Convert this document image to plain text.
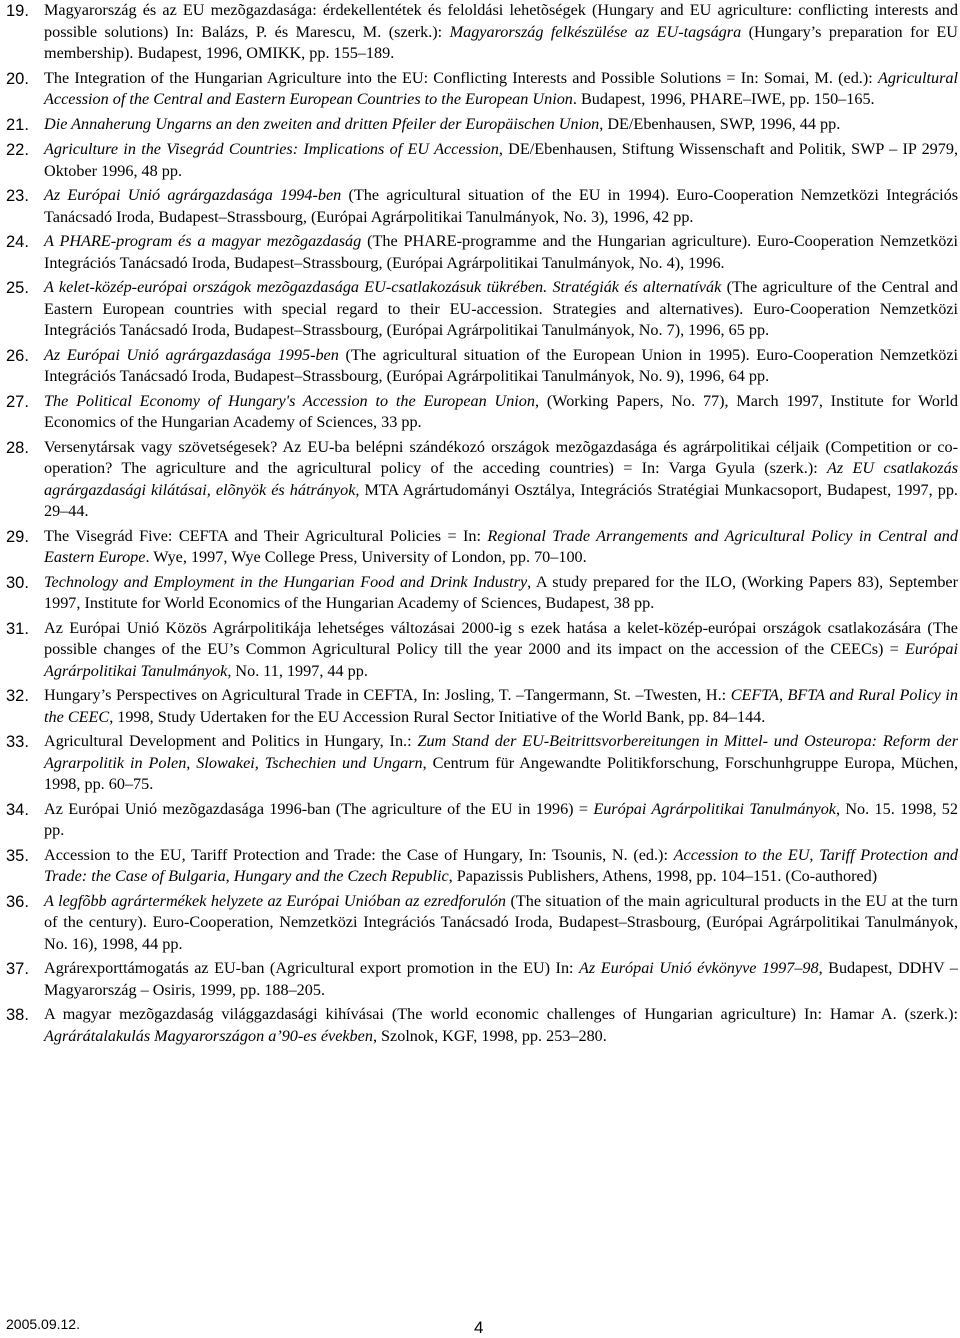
19. Magyarország és az EU mezõgazdasága: érdekellentétek és feloldási lehetõségek (Hungary and EU agriculture: conflicting interests and possible solutions) In: Balázs, P. és Marescu, M. (szerk.): Magyarország felkészülése az EU-tagságra (Hungary’s preparation for EU membership). Budapest, 1996, OMIKK, pp. 155–189.
20. The Integration of the Hungarian Agriculture into the EU: Conflicting Interests and Possible Solutions = In: Somai, M. (ed.): Agricultural Accession of the Central and Eastern European Countries to the European Union. Budapest, 1996, PHARE–IWE, pp. 150–165.
21. Die Annaherung Ungarns an den zweiten and dritten Pfeiler der Europäischen Union, DE/Ebenhausen, SWP, 1996, 44 pp.
22. Agriculture in the Visegrád Countries: Implications of EU Accession, DE/Ebenhausen, Stiftung Wissenschaft and Politik, SWP – IP 2979, Oktober 1996, 48 pp.
23. Az Európai Unió agrárgazdasága 1994-ben (The agricultural situation of the EU in 1994). Euro-Cooperation Nemzetközi Integrációs Tanácsadó Iroda, Budapest–Strassbourg, (Európai Agrárpolitikai Tanulmányok, No. 3), 1996, 42 pp.
24. A PHARE-program és a magyar mezõgazdaság (The PHARE-programme and the Hungarian agriculture). Euro-Cooperation Nemzetközi Integrációs Tanácsadó Iroda, Budapest–Strassbourg, (Európai Agrárpolitikai Tanulmányok, No. 4), 1996.
25. A kelet-közép-európai országok mezõgazdasága EU-csatlakozásuk tükrében. Stratégiák és alternatívák (The agriculture of the Central and Eastern European countries with special regard to their EU-accession. Strategies and alternatives). Euro-Cooperation Nemzetközi Integrációs Tanácsadó Iroda, Budapest–Strassbourg, (Európai Agrárpolitikai Tanulmányok, No. 7), 1996, 65 pp.
26. Az Európai Unió agrárgazdasága 1995-ben (The agricultural situation of the European Union in 1995). Euro-Cooperation Nemzetközi Integrációs Tanácsadó Iroda, Budapest–Strassbourg, (Európai Agrárpolitikai Tanulmányok, No. 9), 1996, 64 pp.
27. The Political Economy of Hungary's Accession to the European Union, (Working Papers, No. 77), March 1997, Institute for World Economics of the Hungarian Academy of Sciences, 33 pp.
28. Versenytársak vagy szövetségesek? Az EU-ba belépni szándékozó országok mezõgazdasága és agrárpolitikai céljaik (Competition or co-operation? The agriculture and the agricultural policy of the acceding countries) = In: Varga Gyula (szerk.): Az EU csatlakozás agrárgazdasági kilátásai, elõnyök és hátrányok, MTA Agrártudományi Osztálya, Integrációs Stratégiai Munkacsoport, Budapest, 1997, pp. 29–44.
29. The Visegrád Five: CEFTA and Their Agricultural Policies = In: Regional Trade Arrangements and Agricultural Policy in Central and Eastern Europe. Wye, 1997, Wye College Press, University of London, pp. 70–100.
30. Technology and Employment in the Hungarian Food and Drink Industry, A study prepared for the ILO, (Working Papers 83), September 1997, Institute for World Economics of the Hungarian Academy of Sciences, Budapest, 38 pp.
31. Az Európai Unió Közös Agrárpolitikája lehetséges változásai 2000-ig s ezek hatása a kelet-közép-európai országok csatlakozására (The possible changes of the EU’s Common Agricultural Policy till the year 2000 and its impact on the accession of the CEECs) = Európai Agrárpolitikai Tanulmányok, No. 11, 1997, 44 pp.
32. Hungary’s Perspectives on Agricultural Trade in CEFTA, In: Josling, T. –Tangermann, St. –Twesten, H.: CEFTA, BFTA and Rural Policy in the CEEC, 1998, Study Udertaken for the EU Accession Rural Sector Initiative of the World Bank, pp. 84–144.
33. Agricultural Development and Politics in Hungary, In.: Zum Stand der EU-Beitrittsvorbereitungen in Mittel- und Osteuropa: Reform der Agrarpolitik in Polen, Slowakei, Tschechien und Ungarn, Centrum für Angewandte Politikforschung, Forschunhgruppe Europa, Müchen, 1998, pp. 60–75.
34. Az Európai Unió mezõgazdasága 1996-ban (The agriculture of the EU in 1996) = Európai Agrárpolitikai Tanulmányok, No. 15. 1998, 52 pp.
35. Accession to the EU, Tariff Protection and Trade: the Case of Hungary, In: Tsounis, N. (ed.): Accession to the EU, Tariff Protection and Trade: the Case of Bulgaria, Hungary and the Czech Republic, Papazissis Publishers, Athens, 1998, pp. 104–151. (Co-authored)
36. A legfõbb agrártermékek helyzete az Európai Unióban az ezredforulón (The situation of the main agricultural products in the EU at the turn of the century). Euro-Cooperation, Nemzetközi Integrációs Tanácsadó Iroda, Budapest–Strasbourg, (Európai Agrárpolitikai Tanulmányok, No. 16), 1998, 44 pp.
37. Agrárexporttámogatás az EU-ban (Agricultural export promotion in the EU) In: Az Európai Unió évkönyve 1997–98, Budapest, DDHV – Magyarország – Osiris, 1999, pp. 188–205.
38. A magyar mezõgazdaság világgazdasági kihívásai (The world economic challenges of Hungarian agriculture) In: Hamar A. (szerk.): Agrárátalakulás Magyarországon a’90-es években, Szolnok, KGF, 1998, pp. 253–280.
2005.09.12.	4
